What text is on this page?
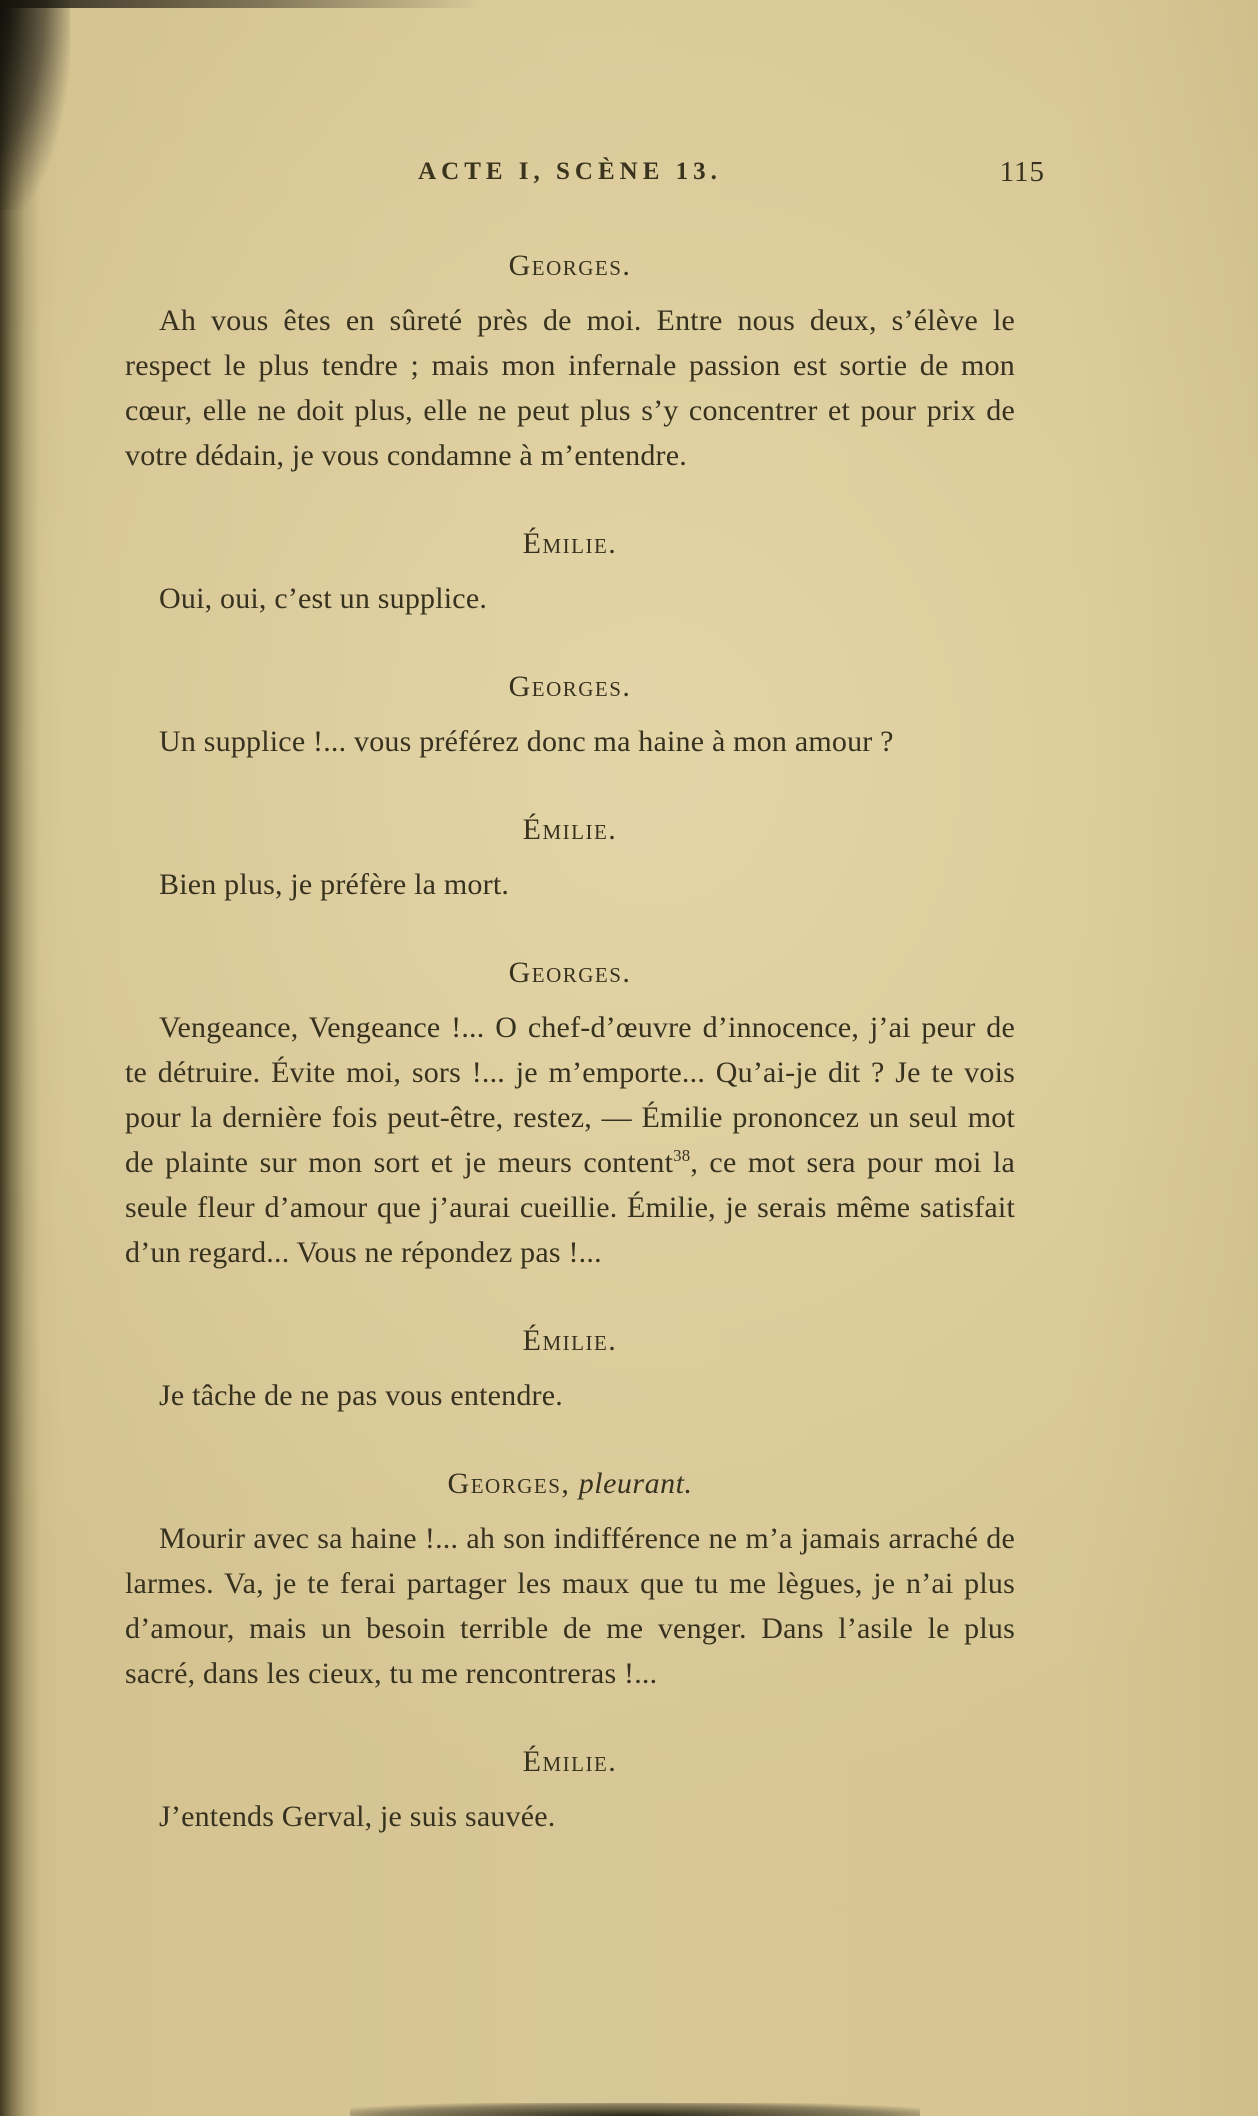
ACTE I, SCÈNE 13.	115
Georges.

Ah vous êtes en sûreté près de moi. Entre nous deux, s’élève le respect le plus tendre ; mais mon infernale passion est sortie de mon cœur, elle ne doit plus, elle ne peut plus s’y concentrer et pour prix de votre dédain, je vous condamne à m’entendre.

Émilie.

Oui, oui, c’est un supplice.

Georges.

Un supplice !... vous préférez donc ma haine à mon amour ?

Émilie.

Bien plus, je préfère la mort.

Georges.

Vengeance, Vengeance !... O chef-d’œuvre d’innocence, j’ai peur de te détruire. Évite moi, sors !... je m’emporte... Qu’ai-je dit ? Je te vois pour la dernière fois peut-être, restez, — Émilie prononcez un seul mot de plainte sur mon sort et je meurs content$^{38}$, ce mot sera pour moi la seule fleur d’amour que j’aurai cueillie. Émilie, je serais même satisfait d’un regard... Vous ne répondez pas !...

Émilie.

Je tâche de ne pas vous entendre.

Georges, pleurant.

Mourir avec sa haine !... ah son indifférence ne m’a jamais arraché de larmes. Va, je te ferai partager les maux que tu me lègues, je n’ai plus d’amour, mais un besoin terrible de me venger. Dans l’asile le plus sacré, dans les cieux, tu me rencontreras !...

Émilie.

J’entends Gerval, je suis sauvée.
